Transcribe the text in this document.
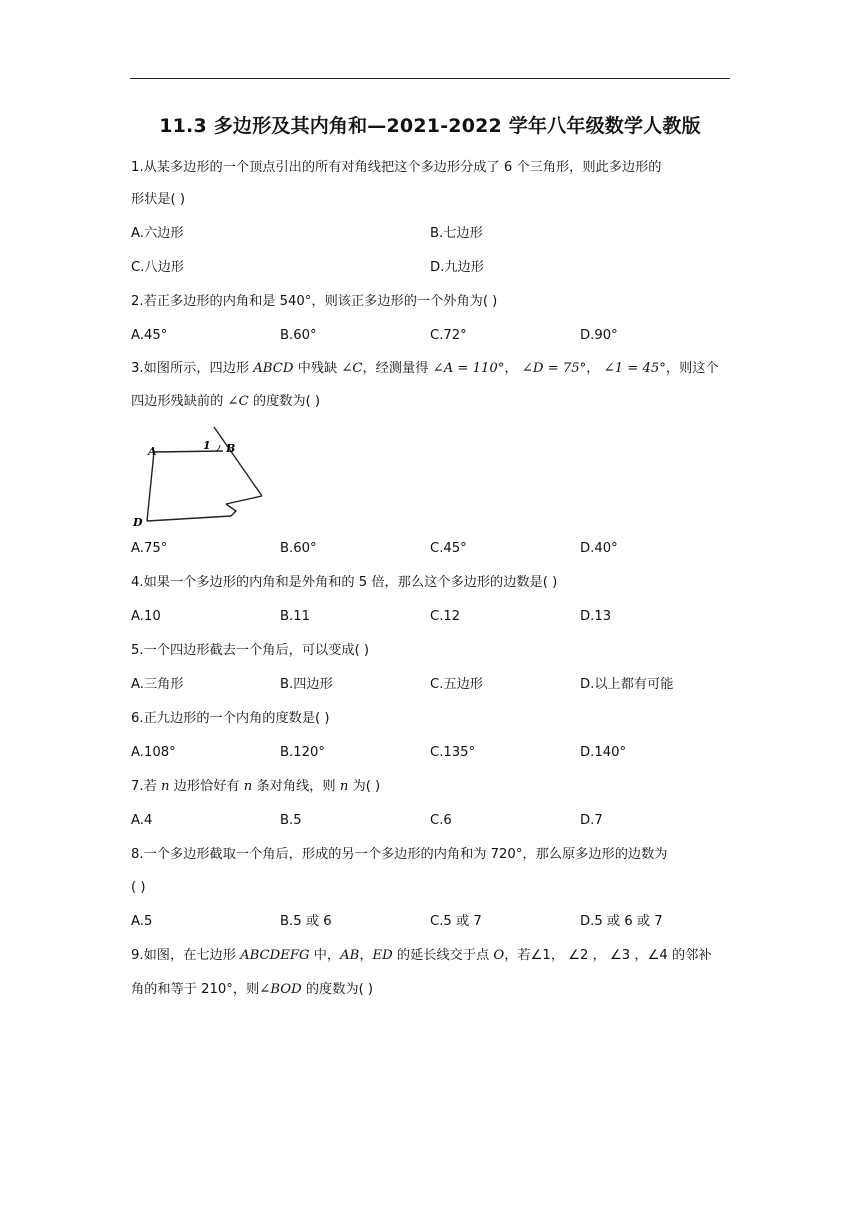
11.3 多边形及其内角和—2021-2022 学年八年级数学人教版
1.从某多边形的一个顶点引出的所有对角线把这个多边形分成了 6 个三角形，则此多边形的
形状是( )
A.六边形	B.七边形
C.八边形	D.九边形
2.若正多边形的内角和是 540°，则该正多边形的一个外角为( )
A.45°	B.60°	C.72°	D.90°
3.如图所示，四边形 ABCD 中残缺 ∠C，经测量得 ∠A = 110°， ∠D = 75°， ∠1 = 45°，则这个
四边形残缺前的 ∠C 的度数为( )
A	B
D
1
A.75°	B.60°	C.45°	D.40°
4.如果一个多边形的内角和是外角和的 5 倍，那么这个多边形的边数是( )
A.10	B.11	C.12	D.13
5.一个四边形截去一个角后，可以变成( )
A.三角形	B.四边形	C.五边形	D.以上都有可能
6.正九边形的一个内角的度数是( )
A.108°	B.120°	C.135°	D.140°
7.若 n 边形恰好有 n 条对角线，则 n 为( )
A.4	B.5	C.6	D.7
8.一个多边形截取一个角后，形成的另一个多边形的内角和为 720°，那么原多边形的边数为
( )
A.5	B.5 或 6	C.5 或 7	D.5 或 6 或 7
9.如图，在七边形 ABCDEFG 中，AB，ED 的延长线交于点 O，若∠1， ∠2 ， ∠3 ，∠4 的邻补
角的和等于 210°，则∠BOD 的度数为( )
